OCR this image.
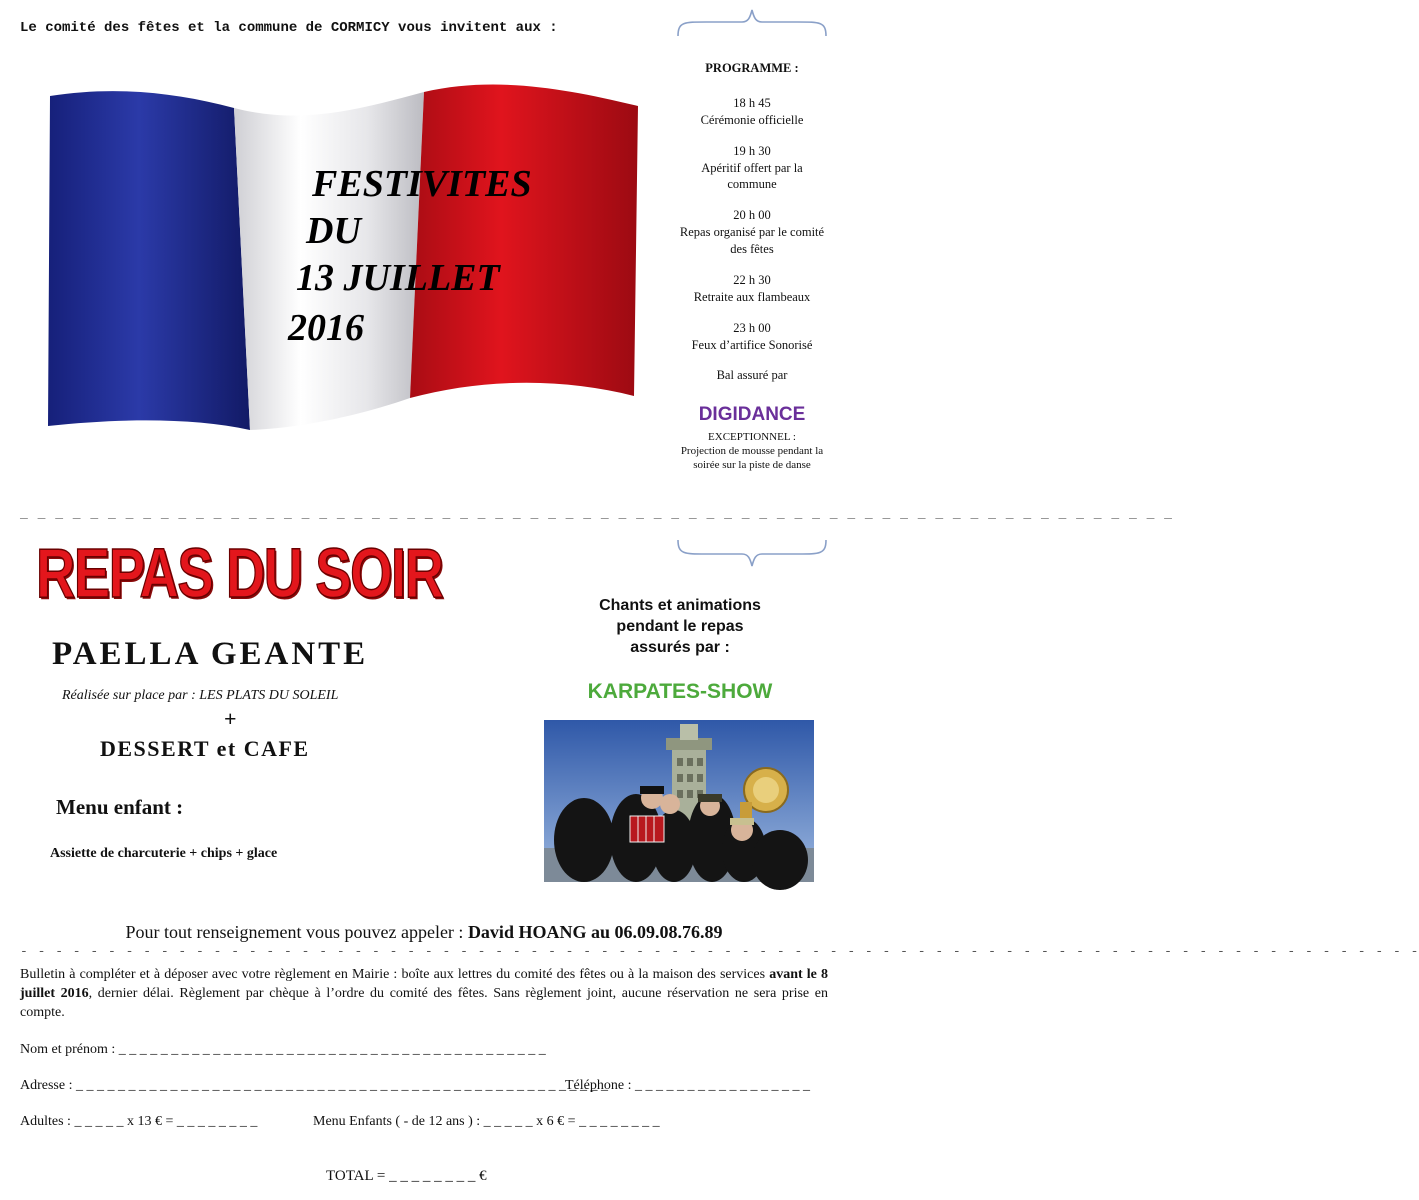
Le comité des fêtes et la commune de CORMICY vous invitent aux :
FESTIVITES
DU
13 JUILLET
2016
PROGRAMME :
18 h 45
Cérémonie officielle
19 h 30
Apéritif offert par la commune
20 h 00
Repas organisé par le comité des fêtes
22 h 30
Retraite aux flambeaux
23 h 00
Feux d’artifice Sonorisé
Bal assuré par
DIGIDANCE
EXCEPTIONNEL :
Projection de mousse pendant la soirée sur la piste de danse
_ _ _ _ _ _ _ _ _ _ _ _ _ _ _ _ _ _ _ _ _ _ _ _ _ _ _ _ _ _ _ _ _ _ _ _ _ _ _ _ _ _ _ _ _ _ _ _ _ _ _ _ _ _ _ _ _ _ _ _ _ _ _ _ _ _
REPAS DU SOIR
PAELLA GEANTE
Réalisée sur place par : LES PLATS DU SOLEIL
+
DESSERT et CAFE
Menu enfant :
Assiette de charcuterie + chips + glace
Chants et animations
pendant le repas
assurés par :
KARPATES-SHOW
Pour tout renseignement vous pouvez appeler : David HOANG au 06.09.08.76.89
- - - - - - - - - - - - - - - - - - - - - - - - - - - - - - - - - - - - - - - - - - - - - - - - - - - - - - - - - - - - - - - - - - - - - - - - - - - - - - - -
Bulletin à compléter et à déposer avec votre règlement en Mairie : boîte aux lettres du comité des fêtes ou à la maison des services avant le 8 juillet 2016, dernier délai. Règlement par chèque à l’ordre du comité des fêtes. Sans règlement joint, aucune réservation ne sera prise en compte.
Nom et prénom : _ _ _ _ _ _ _ _ _ _ _ _ _ _ _ _ _ _ _ _ _ _ _ _ _ _ _ _ _ _ _ _ _ _ _ _ _ _ _ _ _
Adresse : _ _ _ _ _ _ _ _ _ _ _ _ _ _ _ _ _ _ _ _ _ _ _ _ _ _ _ _ _ _ _ _ _ _ _ _ _ _ _ _ _ _ _ _ _ _ _ _ _ _ _
Téléphone : _ _ _ _ _ _ _ _ _ _ _ _ _ _ _ _ _
Adultes : _ _ _ _ _ x 13 € = _ _ _ _ _ _ _ _	Menu Enfants ( - de 12 ans ) : _ _ _ _ _ x 6 € = _ _ _ _ _ _ _ _
TOTAL = _ _ _ _ _ _ _ _ €
